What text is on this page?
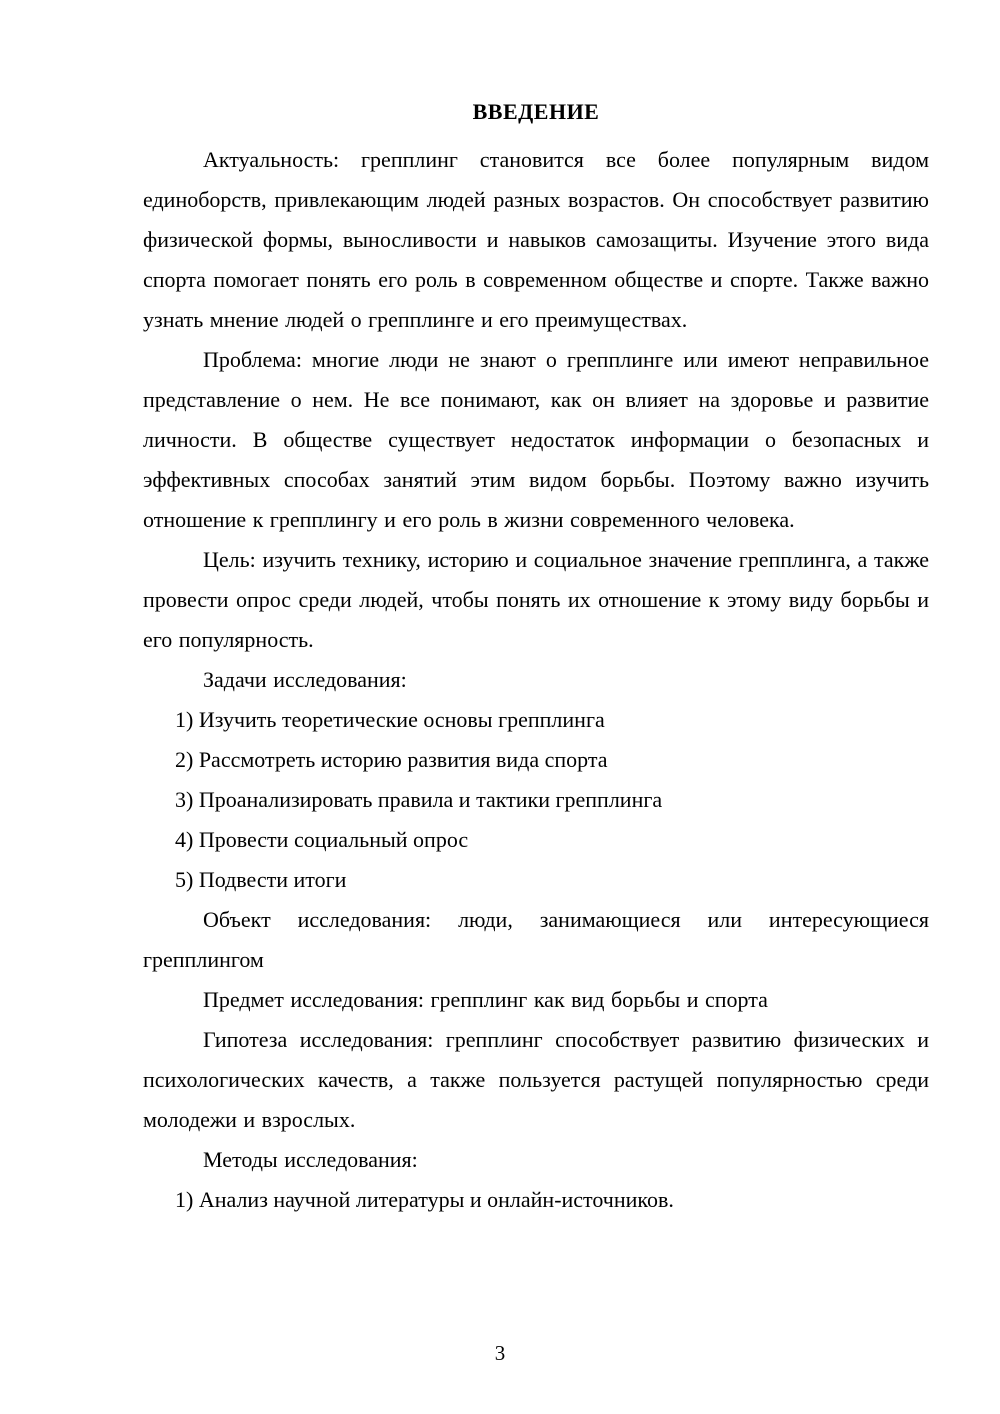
ВВЕДЕНИЕ

Актуальность: грепплинг становится все более популярным видом единоборств, привлекающим людей разных возрастов. Он способствует развитию физической формы, выносливости и навыков самозащиты. Изучение этого вида спорта помогает понять его роль в современном обществе и спорте. Также важно узнать мнение людей о грепплинге и его преимуществах.

Проблема: многие люди не знают о грепплинге или имеют неправильное представление о нем. Не все понимают, как он влияет на здоровье и развитие личности. В обществе существует недостаток информации о безопасных и эффективных способах занятий этим видом борьбы. Поэтому важно изучить отношение к грепплингу и его роль в жизни современного человека.

Цель: изучить технику, историю и социальное значение грепплинга, а также провести опрос среди людей, чтобы понять их отношение к этому виду борьбы и его популярность.

Задачи исследования:

1) Изучить теоретические основы грепплинга
2) Рассмотреть историю развития вида спорта
3) Проанализировать правила и тактики грепплинга
4) Провести социальный опрос
5) Подвести итоги

Объект исследования: люди, занимающиеся или интересующиеся грепплингом

Предмет исследования: грепплинг как вид борьбы и спорта

Гипотеза исследования: грепплинг способствует развитию физических и психологических качеств, а также пользуется растущей популярностью среди молодежи и взрослых.

Методы исследования:

1) Анализ научной литературы и онлайн-источников.
3
